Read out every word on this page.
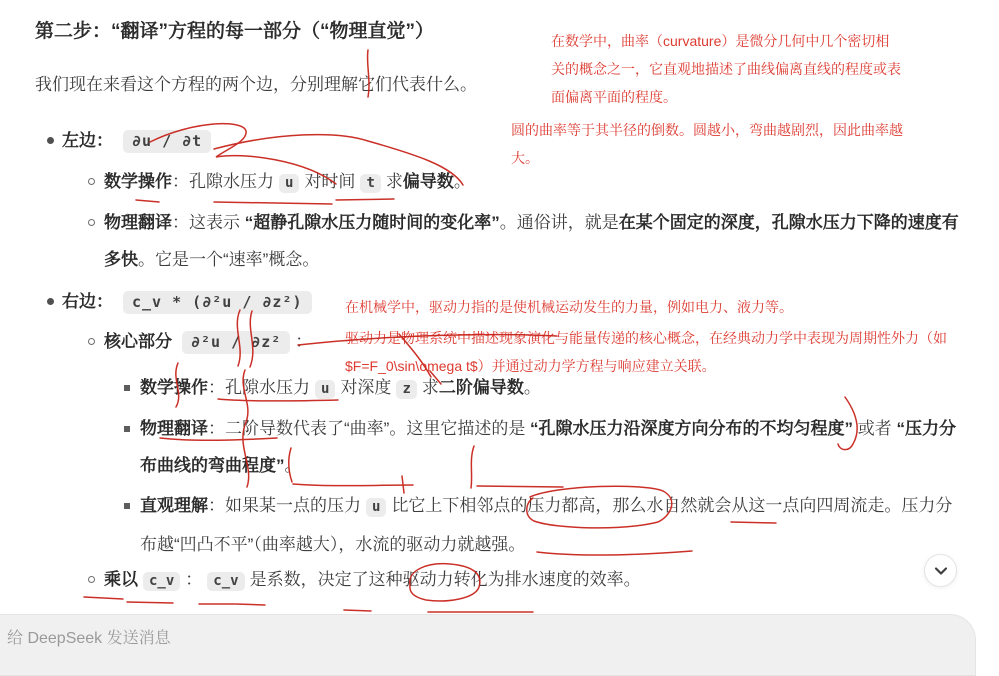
第二步：“翻译”方程的每一部分（“物理直觉”）

我们现在来看这个方程的两个边，分别理解它们代表什么。

左边： ∂u / ∂t
数学操作：孔隙水压力 u 对时间 t 求偏导数。
物理翻译：这表示 “超静孔隙水压力随时间的变化率”。通俗讲，就是在某个固定的深度，孔隙水压力下降的速度有多快。它是一个“速率”概念。
右边： c_v * (∂²u / ∂z²)
核心部分 ∂²u / ∂z² ：
数学操作：孔隙水压力 u 对深度 z 求二阶偏导数。
物理翻译：二阶导数代表了“曲率”。这里它描述的是 “孔隙水压力沿深度方向分布的不均匀程度” 或者 “压力分布曲线的弯曲程度”。
直观理解：如果某一点的压力 u 比它上下相邻点的压力都高，那么水自然就会从这一点向四周流走。压力分布越“凹凸不平”（曲率越大），水流的驱动力就越强。
乘以 c_v ： c_v 是系数，决定了这种驱动力转化为排水速度的效率。
在数学中，曲率（curvature）是微分几何中几个密切相关的概念之一，它直观地描述了曲线偏离直线的程度或表面偏离平面的程度。
圆的曲率等于其半径的倒数。圆越小，弯曲越剧烈，因此曲率越大。
在机械学中，驱动力指的是使机械运动发生的力量，例如电力、液力等。
驱动力是物理系统中描述现象演化与能量传递的核心概念，在经典动力学中表现为周期性外力（如$F=F_0\sin\omega t$）并通过动力学方程与响应建立关联。
给 DeepSeek 发送消息
